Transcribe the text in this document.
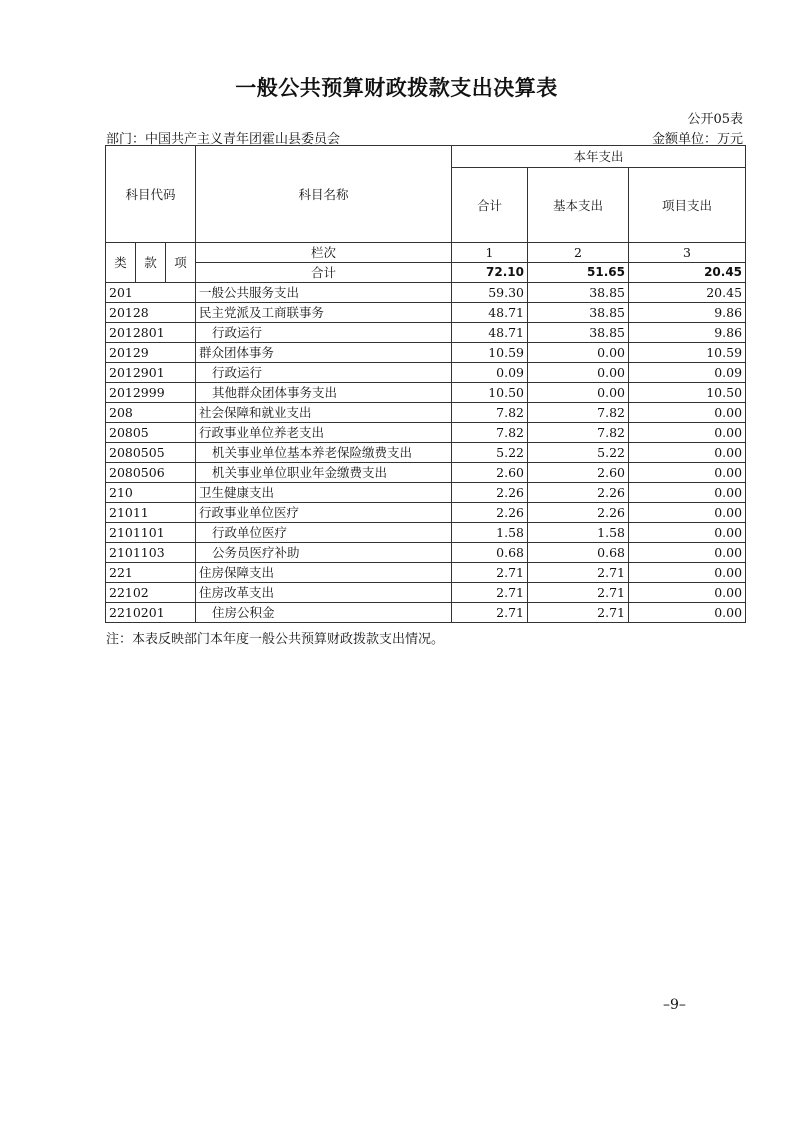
一般公共预算财政拨款支出决算表
公开05表
部门：中国共产主义青年团霍山县委员会	金额单位：万元
科目代码			科目名称	本年支出		
				合计	基本支出	项目支出
类	款	项	栏次	1	2	3
			合计	72.10	51.65	20.45
201			一般公共服务支出	59.30	38.85	20.45
20128			民主党派及工商联事务	48.71	38.85	9.86
2012801			行政运行	48.71	38.85	9.86
20129			群众团体事务	10.59	0.00	10.59
2012901			行政运行	0.09	0.00	0.09
2012999			其他群众团体事务支出	10.50	0.00	10.50
208			社会保障和就业支出	7.82	7.82	0.00
20805			行政事业单位养老支出	7.82	7.82	0.00
2080505			机关事业单位基本养老保险缴费支出	5.22	5.22	0.00
2080506			机关事业单位职业年金缴费支出	2.60	2.60	0.00
210			卫生健康支出	2.26	2.26	0.00
21011			行政事业单位医疗	2.26	2.26	0.00
2101101			行政单位医疗	1.58	1.58	0.00
2101103			公务员医疗补助	0.68	0.68	0.00
221			住房保障支出	2.71	2.71	0.00
22102			住房改革支出	2.71	2.71	0.00
2210201			住房公积金	2.71	2.71	0.00
注：本表反映部门本年度一般公共预算财政拨款支出情况。
–9–
